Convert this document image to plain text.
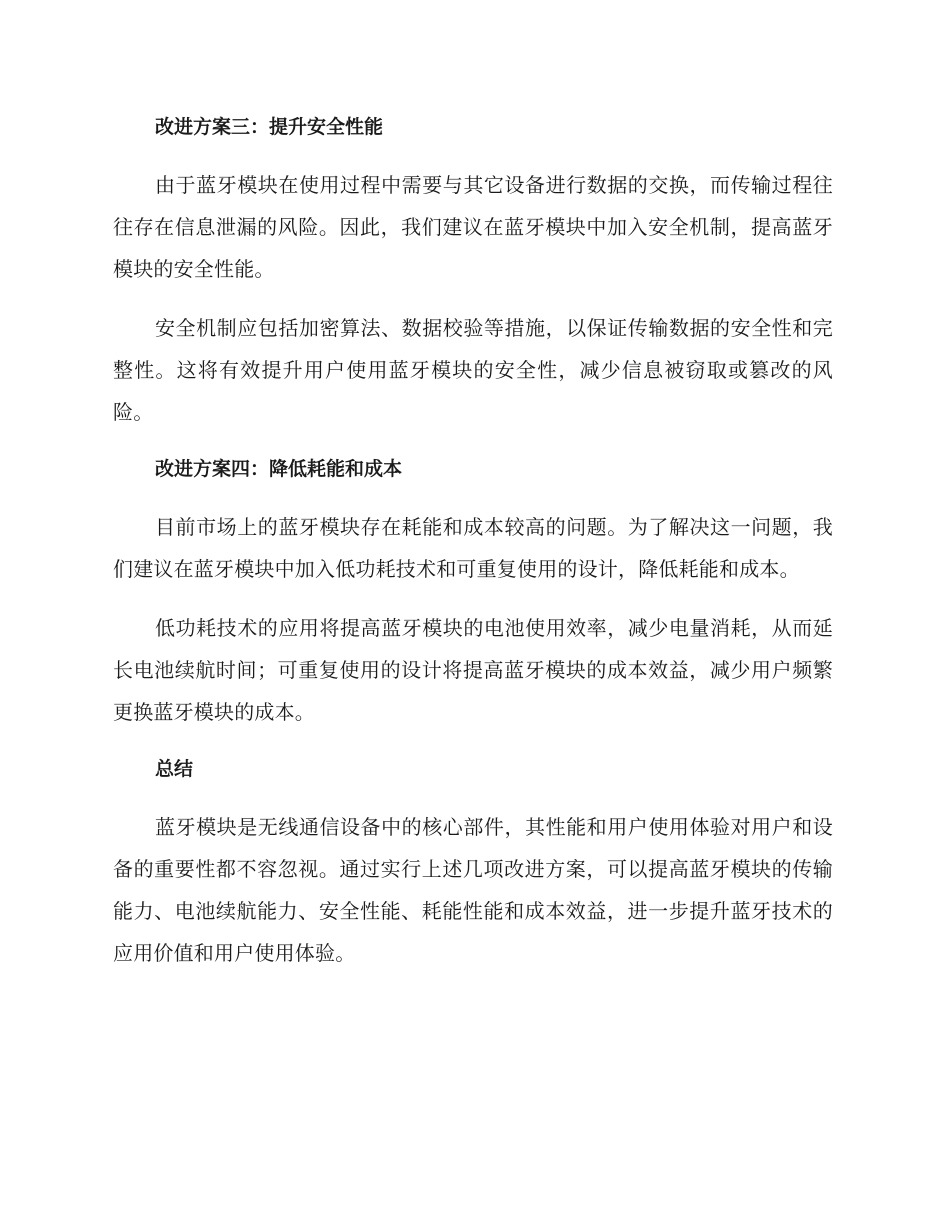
改进方案三：提升安全性能

由于蓝牙模块在使用过程中需要与其它设备进行数据的交换，而传输过程往往存在信息泄漏的风险。因此，我们建议在蓝牙模块中加入安全机制，提高蓝牙模块的安全性能。

安全机制应包括加密算法、数据校验等措施，以保证传输数据的安全性和完整性。这将有效提升用户使用蓝牙模块的安全性，减少信息被窃取或篡改的风险。

改进方案四：降低耗能和成本

目前市场上的蓝牙模块存在耗能和成本较高的问题。为了解决这一问题，我们建议在蓝牙模块中加入低功耗技术和可重复使用的设计，降低耗能和成本。

低功耗技术的应用将提高蓝牙模块的电池使用效率，减少电量消耗，从而延长电池续航时间；可重复使用的设计将提高蓝牙模块的成本效益，减少用户频繁更换蓝牙模块的成本。

总结

蓝牙模块是无线通信设备中的核心部件，其性能和用户使用体验对用户和设备的重要性都不容忽视。通过实行上述几项改进方案，可以提高蓝牙模块的传输能力、电池续航能力、安全性能、耗能性能和成本效益，进一步提升蓝牙技术的应用价值和用户使用体验。
